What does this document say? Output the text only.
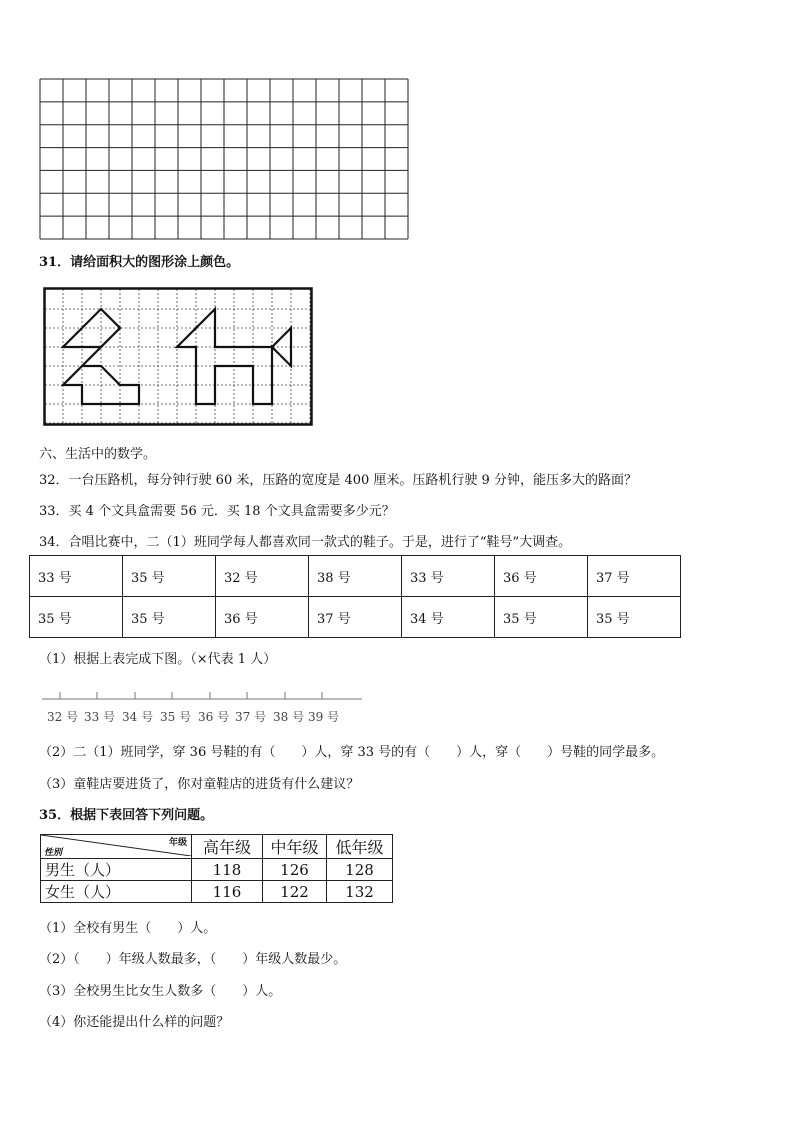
31．请给面积大的图形涂上颜色。
六、生活中的数学。
32．一台压路机，每分钟行驶 60 米，压路的宽度是 400 厘米。压路机行驶 9 分钟，能压多大的路面？
33．买 4 个文具盒需要 56 元．买 18 个文具盒需要多少元？
34．合唱比赛中，二（1）班同学每人都喜欢同一款式的鞋子。于是，进行了“鞋号”大调查。
33 号	35 号	32 号	38 号	33 号	36 号	37 号
35 号	35 号	36 号	37 号	34 号	35 号	35 号
（1）根据上表完成下图。（×代表 1 人）
32 号 33 号 34 号 35 号 36 号 37 号 38 号 39 号
（2）二（1）班同学，穿 36 号鞋的有（　　）人，穿 33 号的有（　　）人，穿（　　）号鞋的同学最多。
（3）童鞋店要进货了，你对童鞋店的进货有什么建议？
35．根据下表回答下列问题。
年级
性别	高年级	中年级	低年级
男生（人）	118	126	128
女生（人）	116	122	132
（1）全校有男生（　　）人。
（2）（　　）年级人数最多，（　　）年级人数最少。
（3）全校男生比女生人数多（　　）人。
（4）你还能提出什么样的问题？
